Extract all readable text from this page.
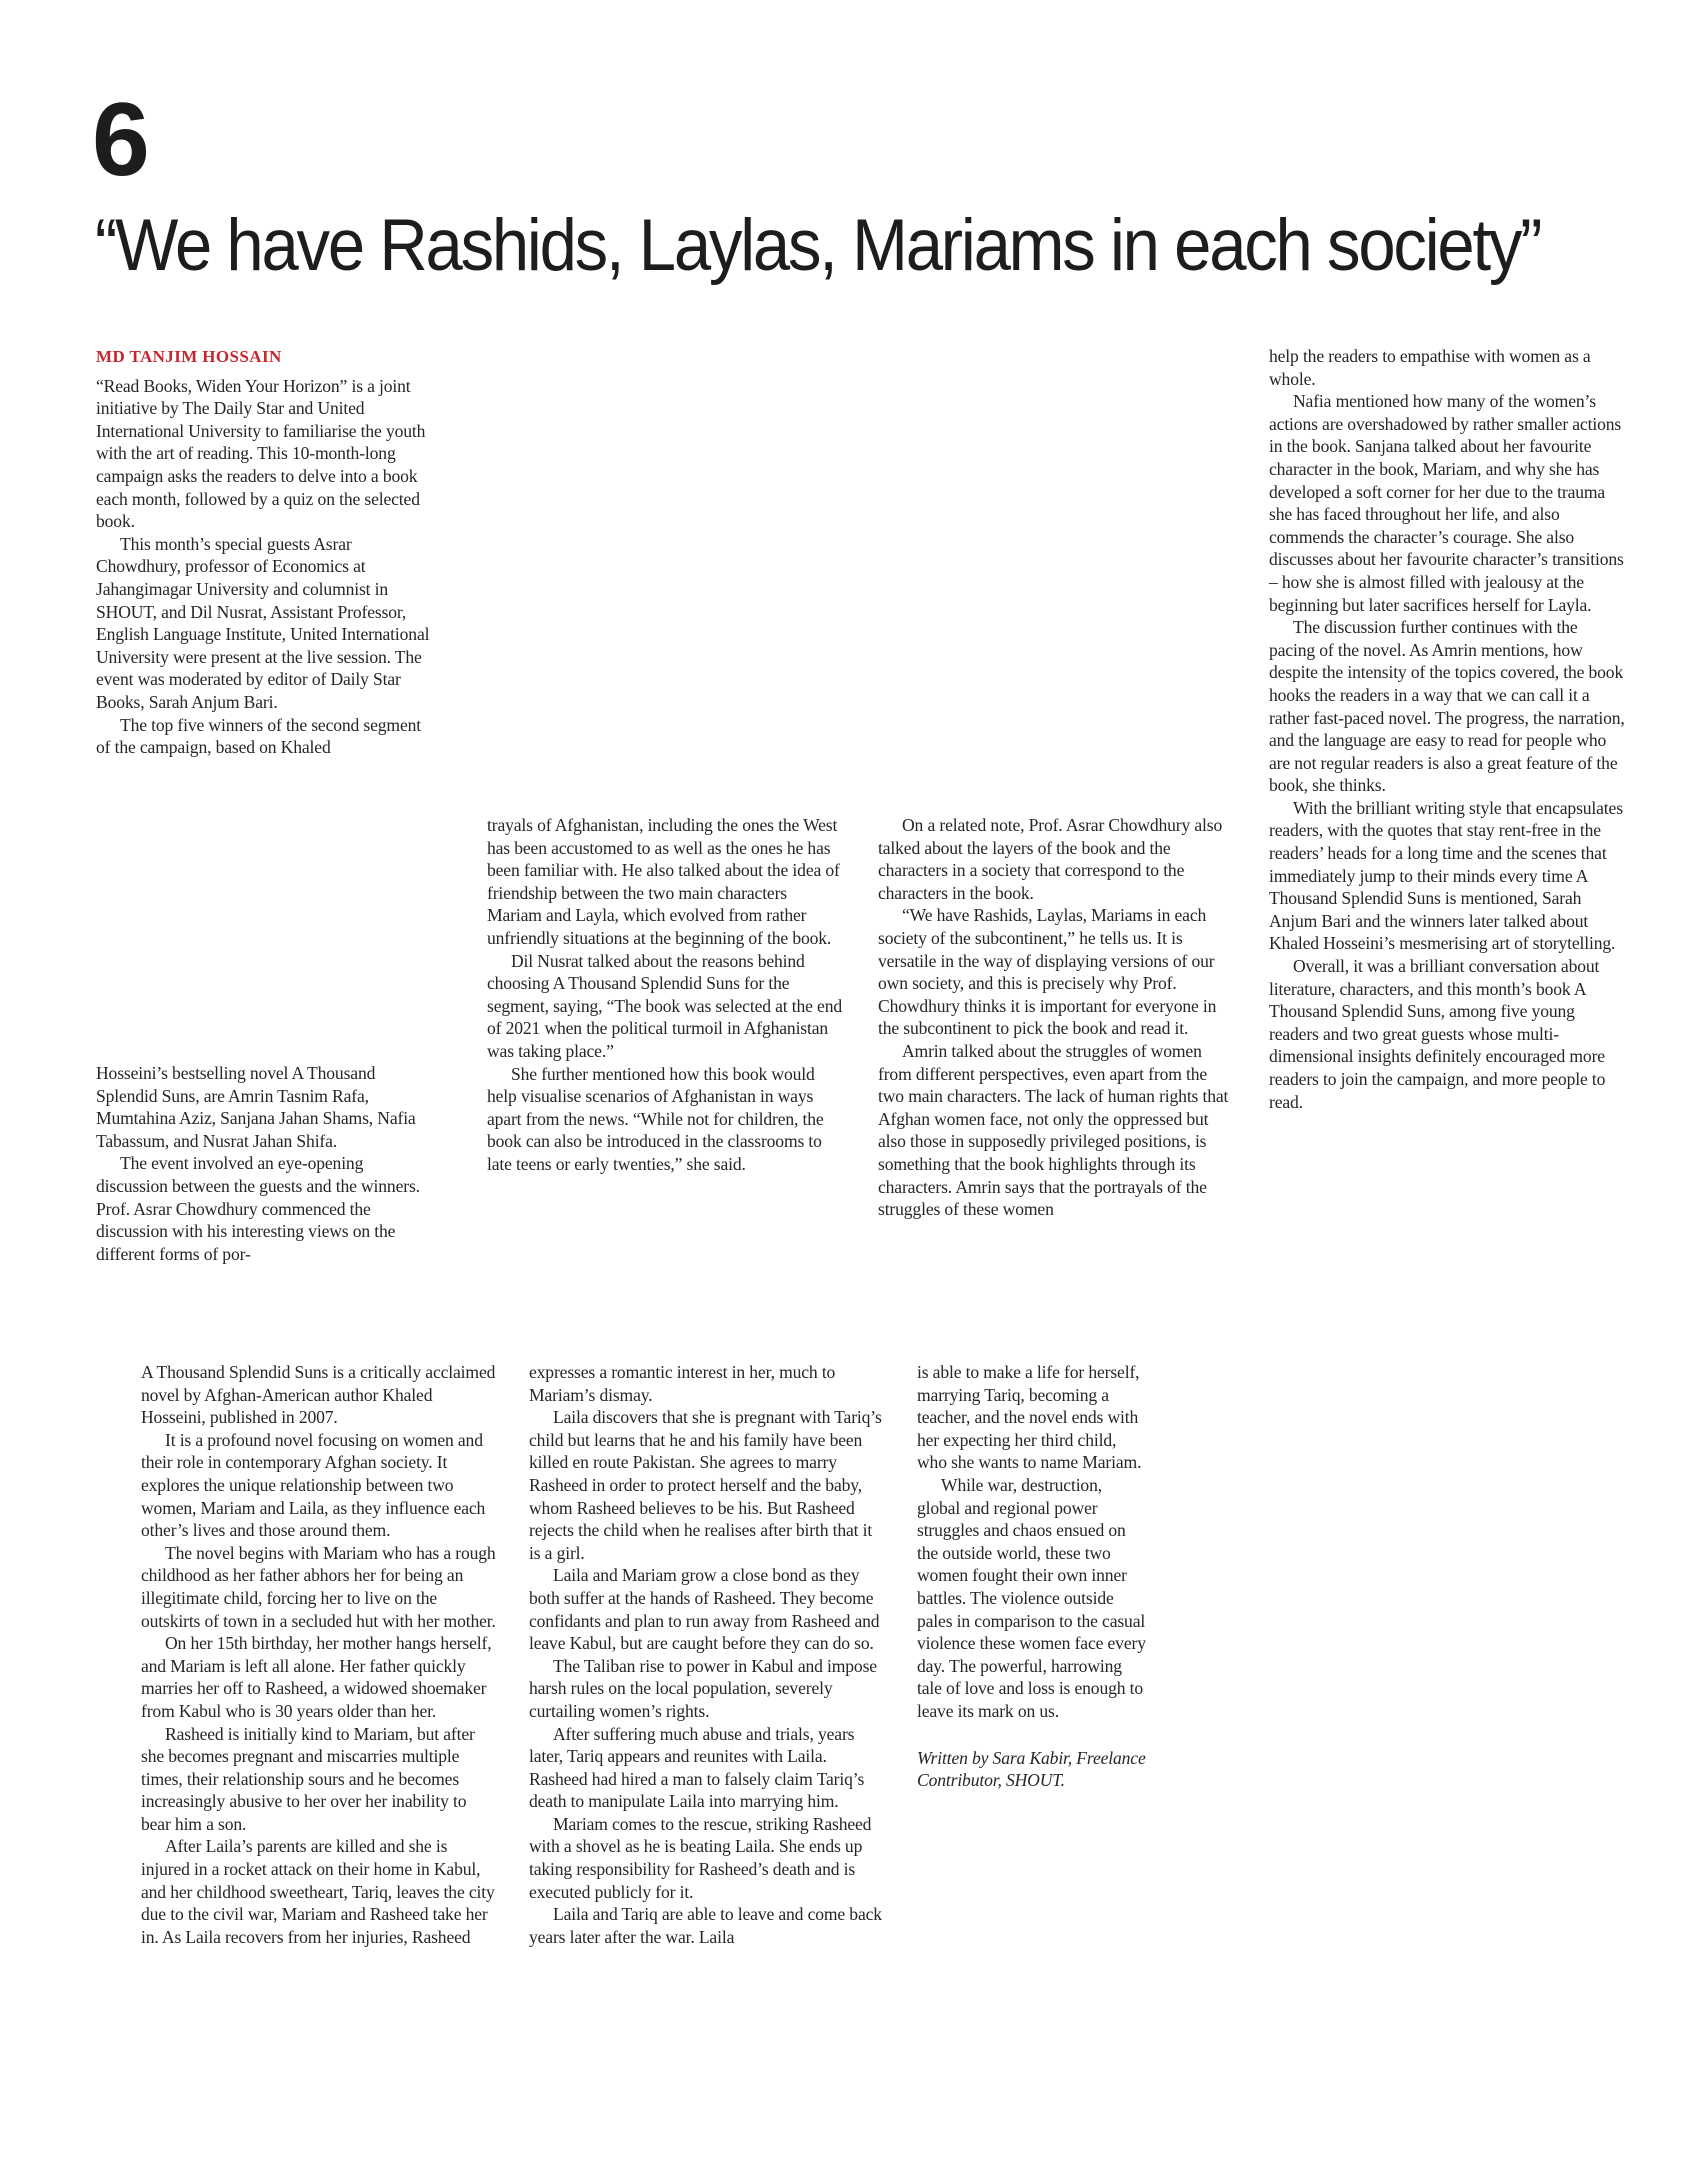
6
“We have Rashids, Laylas, Mariams in each society”
MD TANJIM HOSSAIN

“Read Books, Widen Your Horizon” is a joint initiative by The Daily Star and United International University to familiarise the youth with the art of reading. This 10-month-long campaign asks the readers to delve into a book each month, followed by a quiz on the selected book.

This month’s special guests Asrar Chowdhury, professor of Economics at Jahangimagar University and columnist in SHOUT, and Dil Nusrat, Assistant Professor, English Language Institute, United International University were present at the live session. The event was moderated by editor of Daily Star Books, Sarah Anjum Bari.

The top five winners of the second segment of the campaign, based on Khaled

Hosseini’s bestselling novel A Thousand Splendid Suns, are Amrin Tasnim Rafa, Mumtahina Aziz, Sanjana Jahan Shams, Nafia Tabassum, and Nusrat Jahan Shifa.

The event involved an eye-opening discussion between the guests and the winners. Prof. Asrar Chowdhury commenced the discussion with his interesting views on the different forms of por-

trayals of Afghanistan, including the ones the West has been accustomed to as well as the ones he has been familiar with. He also talked about the idea of friendship between the two main characters Mariam and Layla, which evolved from rather unfriendly situations at the beginning of the book.

Dil Nusrat talked about the reasons behind choosing A Thousand Splendid Suns for the segment, saying, “The book was selected at the end of 2021 when the political turmoil in Afghanistan was taking place.”

She further mentioned how this book would help visualise scenarios of Afghanistan in ways apart from the news. “While not for children, the book can also be introduced in the classrooms to late teens or early twenties,” she said.

On a related note, Prof. Asrar Chowdhury also talked about the layers of the book and the characters in a society that correspond to the characters in the book.

“We have Rashids, Laylas, Mariams in each society of the subcontinent,” he tells us. It is versatile in the way of displaying versions of our own society, and this is precisely why Prof. Chowdhury thinks it is important for everyone in the subcontinent to pick the book and read it.

Amrin talked about the struggles of women from different perspectives, even apart from the two main characters. The lack of human rights that Afghan women face, not only the oppressed but also those in supposedly privileged positions, is something that the book highlights through its characters. Amrin says that the portrayals of the struggles of these women

help the readers to empathise with women as a whole.

Nafia mentioned how many of the women’s actions are overshadowed by rather smaller actions in the book. Sanjana talked about her favourite character in the book, Mariam, and why she has developed a soft corner for her due to the trauma she has faced throughout her life, and also commends the character’s courage. She also discusses about her favourite character’s transitions – how she is almost filled with jealousy at the beginning but later sacrifices herself for Layla.

The discussion further continues with the pacing of the novel. As Amrin mentions, how despite the intensity of the topics covered, the book hooks the readers in a way that we can call it a rather fast-paced novel. The progress, the narration, and the language are easy to read for people who are not regular readers is also a great feature of the book, she thinks.

With the brilliant writing style that encapsulates readers, with the quotes that stay rent-free in the readers’ heads for a long time and the scenes that immediately jump to their minds every time A Thousand Splendid Suns is mentioned, Sarah Anjum Bari and the winners later talked about Khaled Hosseini’s mesmerising art of storytelling.

Overall, it was a brilliant conversation about literature, characters, and this month’s book A Thousand Splendid Suns, among five young readers and two great guests whose multi-dimensional insights definitely encouraged more readers to join the campaign, and more people to read.

A Thousand Splendid Suns is a critically acclaimed novel by Afghan-American author Khaled Hosseini, published in 2007.

It is a profound novel focusing on women and their role in contemporary Afghan society. It explores the unique relationship between two women, Mariam and Laila, as they influence each other’s lives and those around them.

The novel begins with Mariam who has a rough childhood as her father abhors her for being an illegitimate child, forcing her to live on the outskirts of town in a secluded hut with her mother.

On her 15th birthday, her mother hangs herself, and Mariam is left all alone. Her father quickly marries her off to Rasheed, a widowed shoemaker from Kabul who is 30 years older than her.

Rasheed is initially kind to Mariam, but after she becomes pregnant and miscarries multiple times, their relationship sours and he becomes increasingly abusive to her over her inability to bear him a son.

After Laila’s parents are killed and she is injured in a rocket attack on their home in Kabul, and her childhood sweetheart, Tariq, leaves the city due to the civil war, Mariam and Rasheed take her in. As Laila recovers from her injuries, Rasheed

expresses a romantic interest in her, much to Mariam’s dismay.

Laila discovers that she is pregnant with Tariq’s child but learns that he and his family have been killed en route Pakistan. She agrees to marry Rasheed in order to protect herself and the baby, whom Rasheed believes to be his. But Rasheed rejects the child when he realises after birth that it is a girl.

Laila and Mariam grow a close bond as they both suffer at the hands of Rasheed. They become confidants and plan to run away from Rasheed and leave Kabul, but are caught before they can do so.

The Taliban rise to power in Kabul and impose harsh rules on the local population, severely curtailing women’s rights.

After suffering much abuse and trials, years later, Tariq appears and reunites with Laila. Rasheed had hired a man to falsely claim Tariq’s death to manipulate Laila into marrying him.

Mariam comes to the rescue, striking Rasheed with a shovel as he is beating Laila. She ends up taking responsibility for Rasheed’s death and is executed publicly for it.

Laila and Tariq are able to leave and come back years later after the war. Laila

is able to make a life for herself, marrying Tariq, becoming a teacher, and the novel ends with her expecting her third child, who she wants to name Mariam.

While war, destruction, global and regional power struggles and chaos ensued on the outside world, these two women fought their own inner battles. The violence outside pales in comparison to the casual violence these women face every day. The powerful, harrowing tale of love and loss is enough to leave its mark on us.

Written by Sara Kabir, Freelance Contributor, SHOUT.
